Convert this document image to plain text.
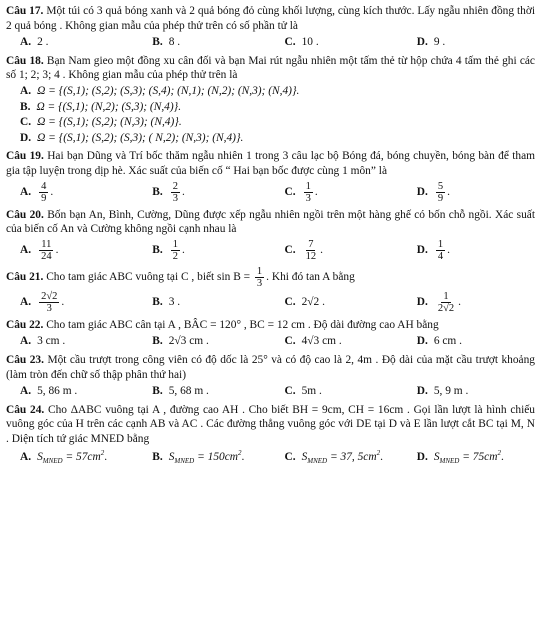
Câu 17. Một túi có 3 quả bóng xanh và 2 quả bóng đỏ cùng khối lượng, cùng kích thước. Lấy ngẫu nhiên đồng thời 2 quả bóng . Không gian mẫu của phép thử trên có số phần tử là

A. 2 .	B. 8 .	C. 10 .	D. 9 .

Câu 18. Bạn Nam gieo một đồng xu cân đối và bạn Mai rút ngẫu nhiên một tấm thẻ từ hộp chứa 4 tấm thẻ ghi các số 1; 2; 3; 4 . Không gian mẫu của phép thử trên là

A. Ω = {(S,1); (S,2); (S,3); (S,4); (N,1); (N,2); (N,3); (N,4)}.
B. Ω = {(S,1); (N,2); (S,3); (N,4)}.
C. Ω = {(S,1); (S,2); (N,3); (N,4)}.
D. Ω = {(S,1); (S,2); (S,3); ( N,2); (N,3); (N,4)}.

Câu 19. Hai bạn Dũng và Trí bốc thăm ngẫu nhiên 1 trong 3 câu lạc bộ Bóng đá, bóng chuyền, bóng bàn để tham gia tập luyện trong dịp hè. Xác suất của biến cố “ Hai bạn bốc được cùng 1 môn” là

A. $\frac{4}{9}$ .	B. $\frac{2}{3}$ .	C. $\frac{1}{3}$ .	D. $\frac{5}{9}$ .

Câu 20. Bốn bạn An, Bình, Cường, Dũng được xếp ngẫu nhiên ngồi trên một hàng ghế có bốn chỗ ngồi. Xác suất của biến cố An và Cường không ngồi cạnh nhau là

A. $\frac{11}{24}$ .	B. $\frac{1}{2}$ .	C. $\frac{7}{12}$ .	D. $\frac{1}{4}$ .

Câu 21.
Cho tam giác ABC vuông tại C , biết sin B =
$\frac{1}{3}$ . Khi đó tan A bằng

A. $\frac{2√2}{3}$ .	B. 3 .	C. 2√2 .	D. $\frac{1}{2√2}$ .

Câu 22. Cho tam giác ABC cân tại A , BÂC = 120° , BC = 12 cm . Độ dài đường cao AH bằng

A. 3 cm .	B. 2√3 cm .	C. 4√3 cm .	D. 6 cm .

Câu 23. Một cầu trượt trong công viên có độ dốc là 25° và có độ cao là 2, 4m . Độ dài của mặt cầu trượt khoảng (làm tròn đến chữ số thập phân thứ hai)

A. 5, 86 m .	B. 5, 68 m .	C. 5m .	D. 5, 9 m .

Câu 24. Cho ΔABC vuông tại A , đường cao AH . Cho biết BH = 9cm, CH = 16cm . Gọi lần lượt là hình chiếu vuông góc của H trên các cạnh AB và AC . Các đường thẳng vuông góc với DE tại D và E lần lượt cắt BC tại M, N . Diện tích tứ giác MNED bằng

A. $S_{MNED} = 57cm^2$ .	B. $S_{MNED} = 150cm^2$ .	C. $S_{MNED} = 37$, $5cm^2$ .	D. $S_{MNED} = 75cm^2$ .
